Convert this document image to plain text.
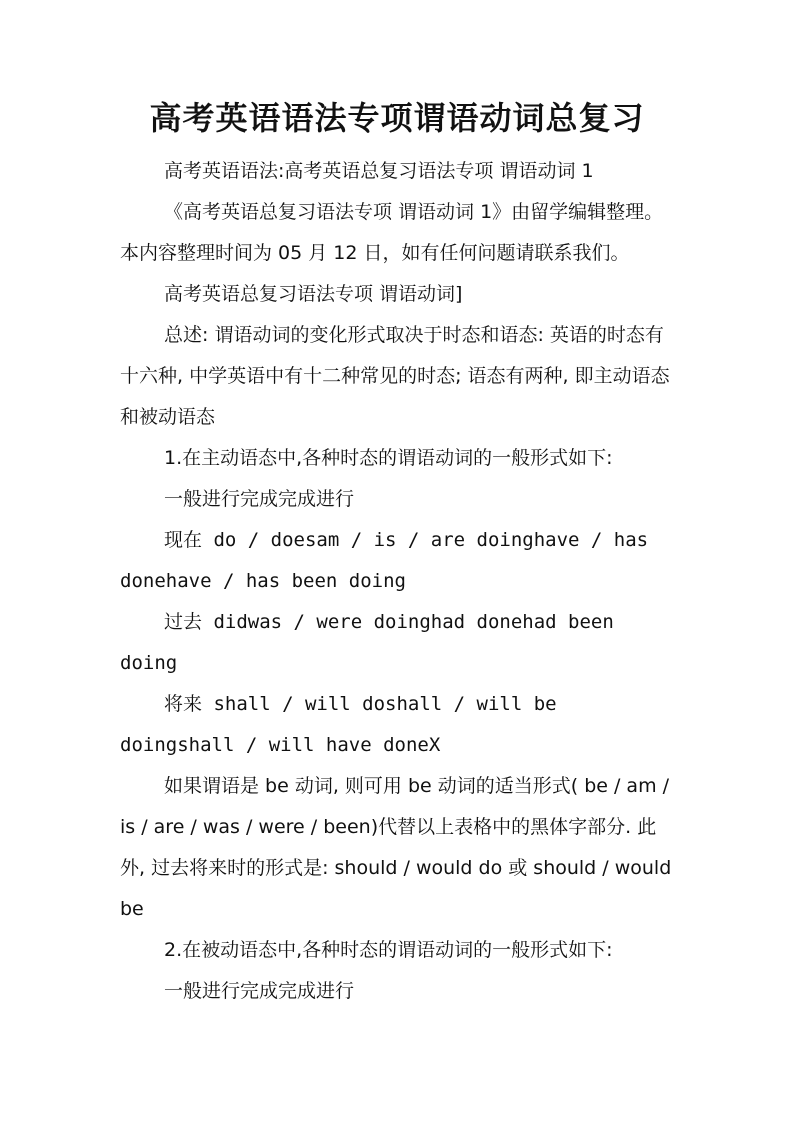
高考英语语法专项谓语动词总复习

高考英语语法:高考英语总复习语法专项 谓语动词 1

《高考英语总复习语法专项 谓语动词 1》由留学编辑整理。本内容整理时间为 05 月 12 日，如有任何问题请联系我们。

高考英语总复习语法专项 谓语动词]

总述: 谓语动词的变化形式取决于时态和语态: 英语的时态有十六种, 中学英语中有十二种常见的时态; 语态有两种, 即主动语态和被动语态

1.在主动语态中,各种时态的谓语动词的一般形式如下:

一般进行完成完成进行

现在 do / doesam / is / are doinghave / has donehave / has been doing

过去 didwas / were doinghad donehad been doing

将来 shall / will doshall / will be doingshall / will have doneX

如果谓语是 be 动词, 则可用 be 动词的适当形式( be / am / is / are / was / were / been)代替以上表格中的黑体字部分. 此外, 过去将来时的形式是: should / would do 或 should / would be

2.在被动语态中,各种时态的谓语动词的一般形式如下:

一般进行完成完成进行
